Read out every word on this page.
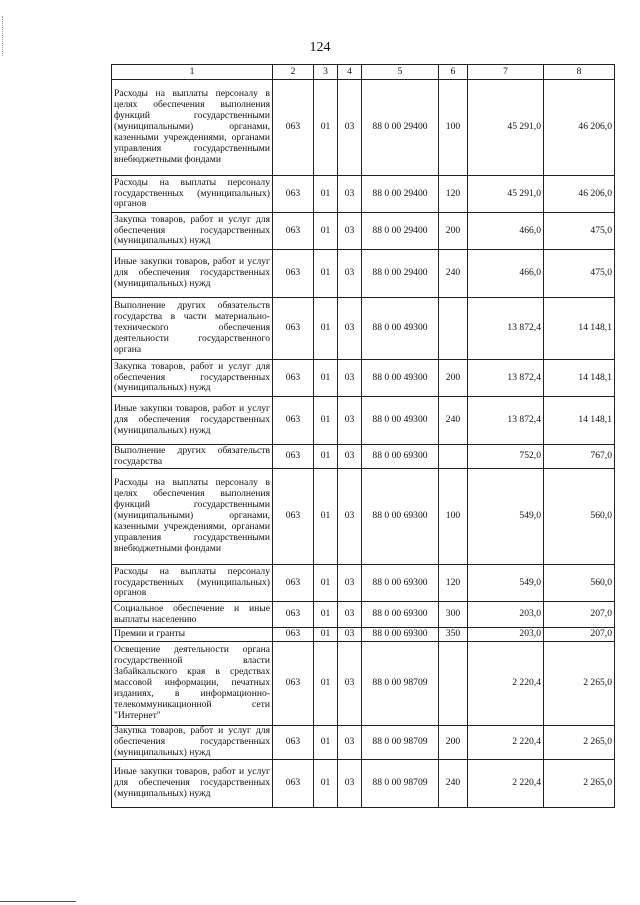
124
1	2	3	4	5	6	7	8
Расходы на выплаты персоналу в целях обеспечения выполнения функций государственными (муниципальными) органами, казенными учреждениями, органами управления государственными внебюджетными фондами	063	01	03	88 0 00 29400	100	45 291,0	46 206,0
Расходы на выплаты персоналу государственных (муниципальных) органов	063	01	03	88 0 00 29400	120	45 291,0	46 206,0
Закупка товаров, работ и услуг для обеспечения государственных (муниципальных) нужд	063	01	03	88 0 00 29400	200	466,0	475,0
Иные закупки товаров, работ и услуг для обеспечения государственных (муниципальных) нужд	063	01	03	88 0 00 29400	240	466,0	475,0
Выполнение других обязательств государства в части материально-технического обеспечения деятельности государственного органа	063	01	03	88 0 00 49300		13 872,4	14 148,1
Закупка товаров, работ и услуг для обеспечения государственных (муниципальных) нужд	063	01	03	88 0 00 49300	200	13 872,4	14 148,1
Иные закупки товаров, работ и услуг для обеспечения государственных (муниципальных) нужд	063	01	03	88 0 00 49300	240	13 872,4	14 148,1
Выполнение других обязательств государства	063	01	03	88 0 00 69300		752,0	767,0
Расходы на выплаты персоналу в целях обеспечения выполнения функций государственными (муниципальными) органами, казенными учреждениями, органами управления государственными внебюджетными фондами	063	01	03	88 0 00 69300	100	549,0	560,0
Расходы на выплаты персоналу государственных (муниципальных) органов	063	01	03	88 0 00 69300	120	549,0	560,0
Социальное обеспечение и иные выплаты населению	063	01	03	88 0 00 69300	300	203,0	207,0
Премии и гранты	063	01	03	88 0 00 69300	350	203,0	207,0
Освещение деятельности органа государственной власти Забайкальского края в средствах массовой информации, печатных изданиях, в информационно-телекоммуникационной сети "Интернет"	063	01	03	88 0 00 98709		2 220,4	2 265,0
Закупка товаров, работ и услуг для обеспечения государственных (муниципальных) нужд	063	01	03	88 0 00 98709	200	2 220,4	2 265,0
Иные закупки товаров, работ и услуг для обеспечения государственных (муниципальных) нужд	063	01	03	88 0 00 98709	240	2 220,4	2 265,0
